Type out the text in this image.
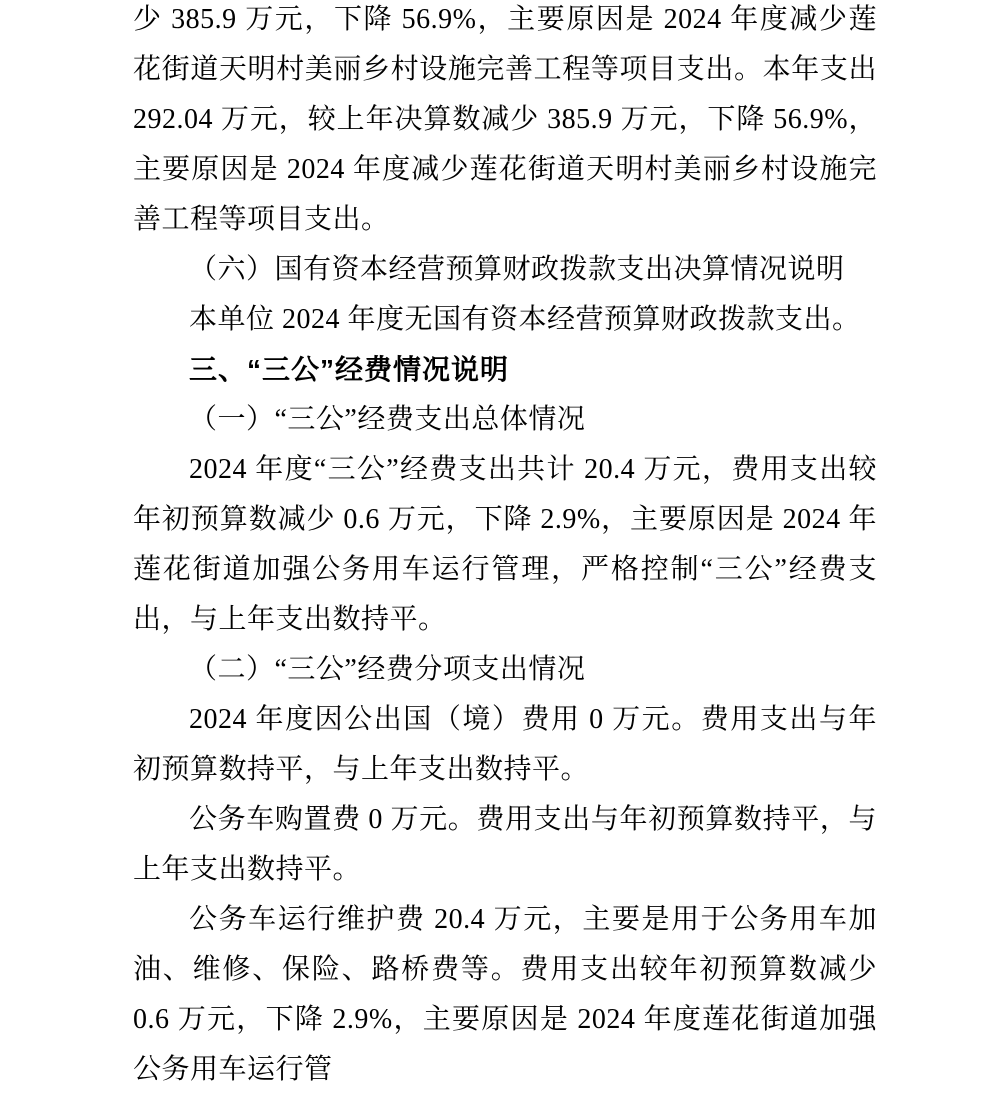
少 385.9 万元，下降 56.9%，主要原因是 2024 年度减少莲花街道天明村美丽乡村设施完善工程等项目支出。本年支出 292.04 万元，较上年决算数减少 385.9 万元，下降 56.9%，主要原因是 2024 年度减少莲花街道天明村美丽乡村设施完善工程等项目支出。

（六）国有资本经营预算财政拨款支出决算情况说明

本单位 2024 年度无国有资本经营预算财政拨款支出。

三、“三公”经费情况说明

（一）“三公”经费支出总体情况

2024 年度“三公”经费支出共计 20.4 万元，费用支出较年初预算数减少 0.6 万元，下降 2.9%，主要原因是 2024 年莲花街道加强公务用车运行管理，严格控制“三公”经费支出，与上年支出数持平。

（二）“三公”经费分项支出情况

2024 年度因公出国（境）费用 0 万元。费用支出与年初预算数持平，与上年支出数持平。

公务车购置费 0 万元。费用支出与年初预算数持平，与上年支出数持平。

公务车运行维护费 20.4 万元，主要是用于公务用车加油、维修、保险、路桥费等。费用支出较年初预算数减少 0.6 万元，下降 2.9%，主要原因是 2024 年度莲花街道加强公务用车运行管
